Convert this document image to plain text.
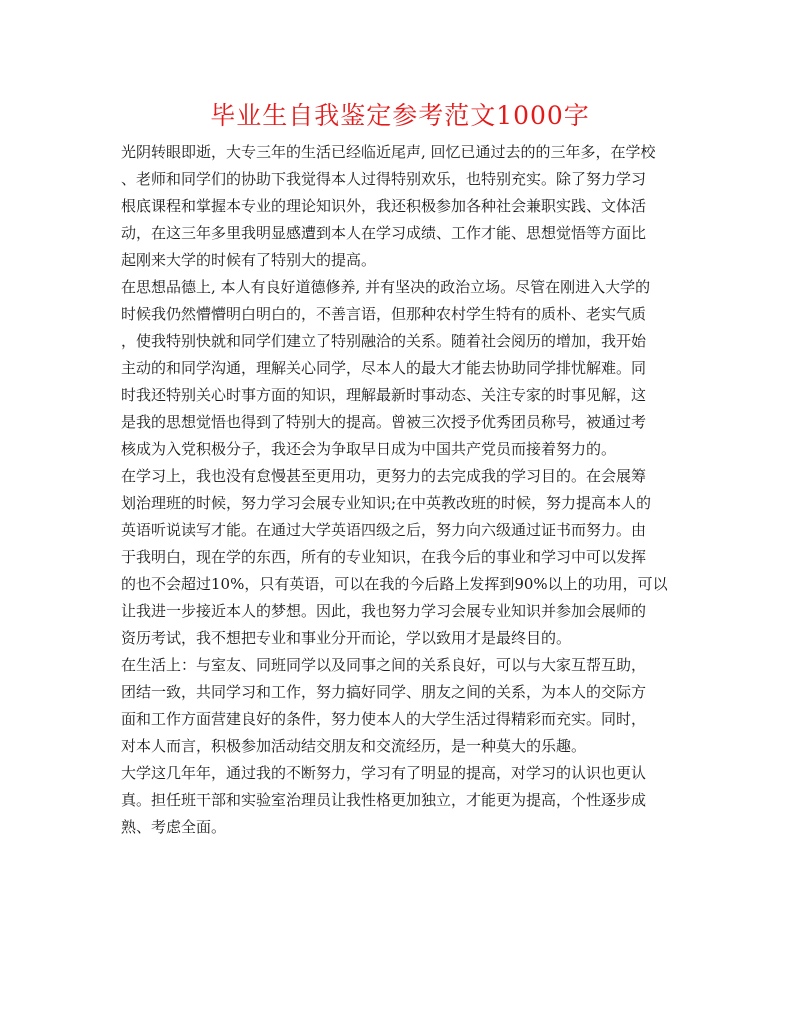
毕业生自我鉴定参考范文1000字
光阴转眼即逝，大专三年的生活已经临近尾声, 回忆已通过去的的三年多，在学校
、老师和同学们的协助下我觉得本人过得特别欢乐，也特别充实。除了努力学习
根底课程和掌握本专业的理论知识外，我还积极参加各种社会兼职实践、文体活
动，在这三年多里我明显感遭到本人在学习成绩、工作才能、思想觉悟等方面比
起刚来大学的时候有了特别大的提高。
在思想品德上, 本人有良好道德修养, 并有坚决的政治立场。尽管在刚进入大学的
时候我仍然懵懵明白明白的，不善言语，但那种农村学生特有的质朴、老实气质
，使我特别快就和同学们建立了特别融洽的关系。随着社会阅历的增加，我开始
主动的和同学沟通，理解关心同学，尽本人的最大才能去协助同学排忧解难。同
时我还特别关心时事方面的知识，理解最新时事动态、关注专家的时事见解，这
是我的思想觉悟也得到了特别大的提高。曾被三次授予优秀团员称号，被通过考
核成为入党积极分子，我还会为争取早日成为中国共产党员而接着努力的。
在学习上，我也没有怠慢甚至更用功，更努力的去完成我的学习目的。在会展筹
划治理班的时候，努力学习会展专业知识;在中英教改班的时候，努力提高本人的
英语听说读写才能。在通过大学英语四级之后，努力向六级通过证书而努力。由
于我明白，现在学的东西，所有的专业知识，在我今后的事业和学习中可以发挥
的也不会超过10%，只有英语，可以在我的今后路上发挥到90%以上的功用，可以
让我进一步接近本人的梦想。因此，我也努力学习会展专业知识并参加会展师的
资历考试，我不想把专业和事业分开而论，学以致用才是最终目的。
在生活上：与室友、同班同学以及同事之间的关系良好，可以与大家互帮互助，
团结一致，共同学习和工作，努力搞好同学、朋友之间的关系，为本人的交际方
面和工作方面营建良好的条件，努力使本人的大学生活过得精彩而充实。同时，
对本人而言，积极参加活动结交朋友和交流经历，是一种莫大的乐趣。
大学这几年年，通过我的不断努力，学习有了明显的提高，对学习的认识也更认
真。担任班干部和实验室治理员让我性格更加独立，才能更为提高，个性逐步成
熟、考虑全面。
